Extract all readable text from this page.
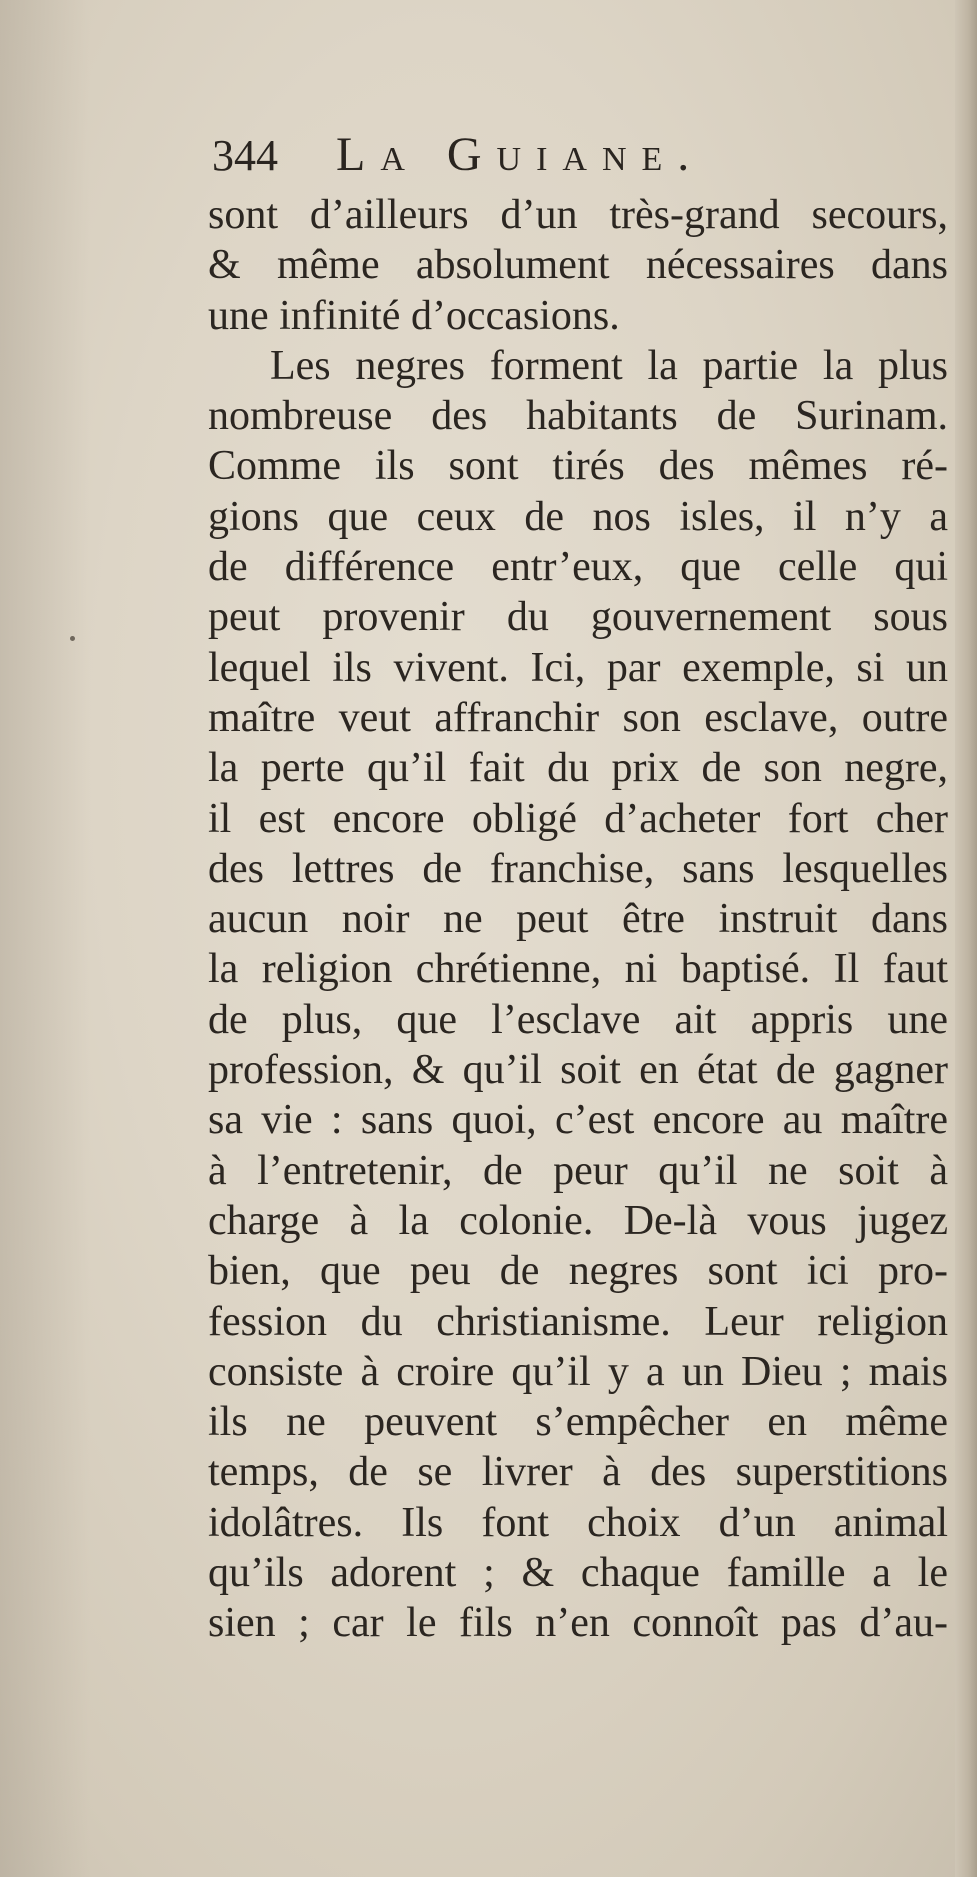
344 La Guiane.
sont d’ailleurs d’un très-grand secours,
& même absolument nécessaires dans
une infinité d’occasions.
Les negres forment la partie la plus
nombreuse des habitants de Surinam.
Comme ils sont tirés des mêmes ré-
gions que ceux de nos isles, il n’y a
de différence entr’eux, que celle qui
peut provenir du gouvernement sous
lequel ils vivent. Ici, par exemple, si un
maître veut affranchir son esclave, outre
la perte qu’il fait du prix de son negre,
il est encore obligé d’acheter fort cher
des lettres de franchise, sans lesquelles
aucun noir ne peut être instruit dans
la religion chrétienne, ni baptisé. Il faut
de plus, que l’esclave ait appris une
profession, & qu’il soit en état de gagner
sa vie : sans quoi, c’est encore au maître
à l’entretenir, de peur qu’il ne soit à
charge à la colonie. De-là vous jugez
bien, que peu de negres sont ici pro-
fession du christianisme. Leur religion
consiste à croire qu’il y a un Dieu ; mais
ils ne peuvent s’empêcher en même
temps, de se livrer à des superstitions
idolâtres. Ils font choix d’un animal
qu’ils adorent ; & chaque famille a le
sien ; car le fils n’en connoît pas d’au-
